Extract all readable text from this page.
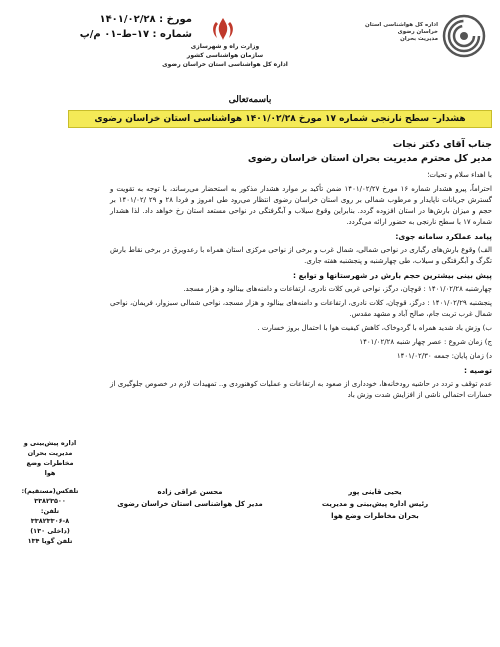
مورخ : ۱۴۰۱/۰۲/۲۸
شماره : ۱۷–ط–۰۱ م/پ
وزارت راه و شهرسازی
سازمان هواشناسی کشور
اداره کل هواشناسی استان خراسان رضوی
اداره کل هواشناسی استان خراسان رضوی
مدیریت بحران
باسمه‌تعالی
هشدار– سطح نارنجی شماره ۱۷ مورخ ۱۴۰۱/۰۲/۲۸ هواشناسی استان خراسان رضوی
جناب آقای دکتر نجات
مدیر کل محترم مدیریت بحران استان خراسان رضوی

با اهداء سلام و تحیات؛

احتراماً، پیرو هشدار شماره ۱۶ مورخ ۱۴۰۱/۰۲/۲۷ ضمن تأکید بر موارد هشدار مذکور به استحضار می‌رساند، با توجه به تقویت و گسترش جریانات ناپایدار و مرطوب شمالی بر روی استان خراسان رضوی انتظار می‌رود طی امروز و فردا ۲۸ و ۲۹ /۱۴۰۱/۰۲ بر حجم و میزان بارش‌ها در استان افزوده گردد. بنابراین وقوع سیلاب و آبگرفتگی در نواحی مستعد استان رخ خواهد داد. لذا هشدار شماره ۱۷ با سطح نارنجی به حضور ارائه می‌گردد.

پیامد عملکرد سامانه جوی:

الف) وقوع بارش‌های رگباری در نواحی شمالی، شمال غرب و برخی از نواحی مرکزی استان همراه با رعدوبرق در برخی نقاط بارش تگرگ و آبگرفتگی و سیلاب، طی چهارشنبه و پنجشنبه هفته جاری.

پیش بینی بیشترین حجم بارش در شهرستانها و توابع :

چهارشنبه ۱۴۰۱/۰۲/۲۸ : قوچان، درگز، نواحی غربی کلات نادری، ارتفاعات و دامنه‌های بینالود و هزار مسجد.

پنجشنبه ۱۴۰۱/۰۲/۲۹ : درگز، قوچان، کلات نادری، ارتفاعات و دامنه‌های بینالود و هزار مسجد، نواحی شمالی سبزوار، فریمان، نواحی شمال غرب تربت جام، صالح آباد و مشهد مقدس.

ب) وزش باد شدید همراه با گردوخاک، کاهش کیفیت هوا با احتمال بروز خسارت .

ج) زمان شروع : عصر چهار شنبه ۱۴۰۱/۰۲/۲۸

د) زمان پایان: جمعه ۱۴۰۱/۰۲/۳۰

توصیه :

عدم توقف و تردد در حاشیه رودخانه‌ها، خودداری از صعود به ارتفاعات و عملیات کوهنوردی و.. تمهیدات لازم در خصوص جلوگیری از خسارات احتمالی ناشی از افزایش شدت وزش باد

اداره پیش‌بینی و
مدیریت بحران
مخاطرات وضع
هوا
تلفکس(مستقیم):
۳۳۸۲۳۵۰۰
تلفن:
۳۳۸۲۳۳۰۶-۸
(داخلی ۱۳۰)
تلفن گویا ۱۳۴
یحیی قاینی پور
رئیس اداره پیش‌بینی و مدیریت
بحران مخاطرات وضع هوا
محسن عراقی زاده
مدیر کل هواشناسی استان خراسان رضوی
